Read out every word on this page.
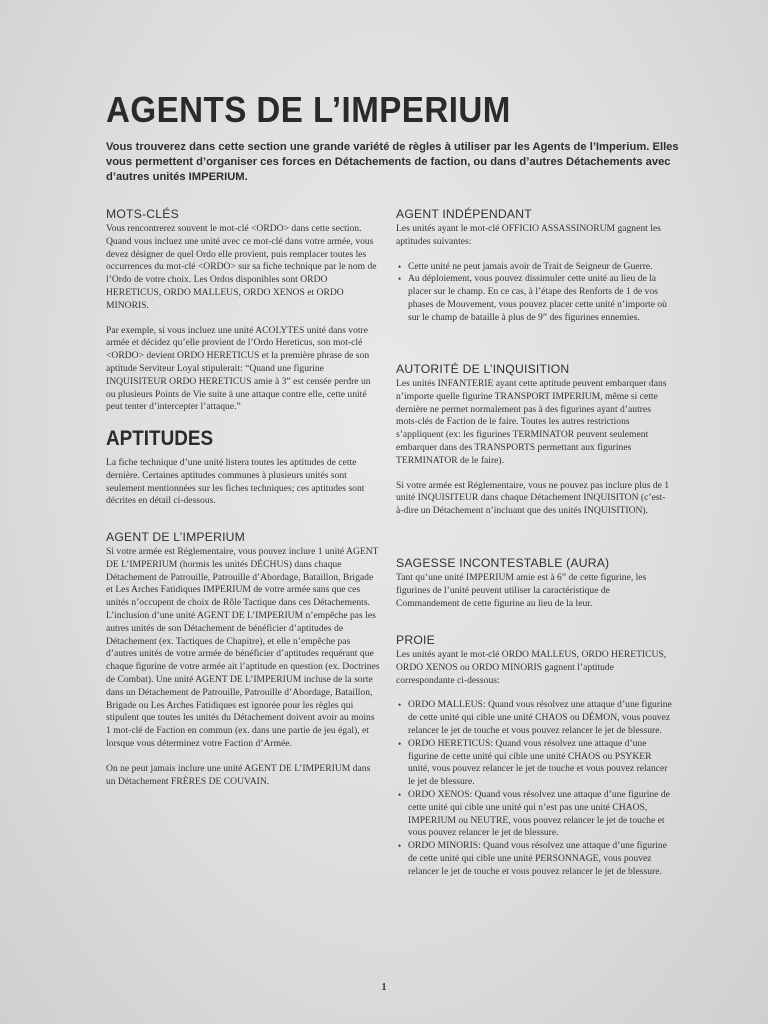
AGENTS DE L’IMPERIUM

Vous trouverez dans cette section une grande variété de règles à utiliser par les Agents de l’Imperium. Elles vous permettent d’organiser ces forces en Détachements de faction, ou dans d’autres Détachements avec d’autres unités IMPERIUM.

MOTS-CLÉS

Vous rencontrerez souvent le mot-clé <ORDO> dans cette section. Quand vous incluez une unité avec ce mot-clé dans votre armée, vous devez désigner de quel Ordo elle provient, puis remplacer toutes les occurrences du mot-clé <ORDO> sur sa fiche technique par le nom de l’Ordo de votre choix. Les Ordos disponibles sont ORDO HERETICUS, ORDO MALLEUS, ORDO XENOS et ORDO MINORIS.

Par exemple, si vous incluez une unité ACOLYTES unité dans votre armée et décidez qu’elle provient de l’Ordo Hereticus, son mot-clé <ORDO> devient ORDO HERETICUS et la première phrase de son aptitude Serviteur Loyal stipulerait: “Quand une figurine INQUISITEUR ORDO HERETICUS amie à 3” est censée perdre un ou plusieurs Points de Vie suite à une attaque contre elle, cette unité peut tenter d’intercepter l’attaque.”

APTITUDES

La fiche technique d’une unité listera toutes les aptitudes de cette dernière. Certaines aptitudes communes à plusieurs unités sont seulement mentionnées sur les fiches techniques; ces aptitudes sont décrites en détail ci-dessous.

AGENT DE L’IMPERIUM

Si votre armée est Réglementaire, vous pouvez inclure 1 unité AGENT DE L’IMPERIUM (hormis les unités DÉCHUS) dans chaque Détachement de Patrouille, Patrouille d’Abordage, Bataillon, Brigade et Les Arches Fatidiques IMPERIUM de votre armée sans que ces unités n’occupent de choix de Rôle Tactique dans ces Détachements. L’inclusion d’une unité AGENT DE L’IMPERIUM n’empêche pas les autres unités de son Détachement de bénéficier d’aptitudes de Détachement (ex. Tactiques de Chapitre), et elle n’empêche pas d’autres unités de votre armée de bénéficier d’aptitudes requérant que chaque figurine de votre armée ait l’aptitude en question (ex. Doctrines de Combat). Une unité AGENT DE L’IMPERIUM incluse de la sorte dans un Détachement de Patrouille, Patrouille d’Abordage, Bataillon, Brigade ou Les Arches Fatidiques est ignorée pour les règles qui stipulent que toutes les unités du Détachement doivent avoir au moins 1 mot-clé de Faction en commun (ex. dans une partie de jeu égal), et lorsque vous déterminez votre Faction d’Armée.

On ne peut jamais inclure une unité AGENT DE L’IMPERIUM dans un Détachement FRÈRES DE COUVAIN.

AGENT INDÉPENDANT

Les unités ayant le mot-clé OFFICIO ASSASSINORUM gagnent les aptitudes suivantes:

• Cette unité ne peut jamais avoir de Trait de Seigneur de Guerre.
• Au déploiement, vous pouvez dissimuler cette unité au lieu de la placer sur le champ. En ce cas, à l’étape des Renforts de 1 de vos phases de Mouvement, vous pouvez placer cette unité n’importe où sur le champ de bataille à plus de 9” des figurines ennemies.
AUTORITÉ DE L’INQUISITION

Les unités INFANTERIE ayant cette aptitude peuvent embarquer dans n’importe quelle figurine TRANSPORT IMPERIUM, même si cette dernière ne permet normalement pas à des figurines ayant d’autres mots-clés de Faction de le faire. Toutes les autres restrictions s’appliquent (ex: les figurines TERMINATOR peuvent seulement embarquer dans des TRANSPORTS permettant aux figurines TERMINATOR de le faire).

Si votre armée est Réglementaire, vous ne pouvez pas inclure plus de 1 unité INQUISITEUR dans chaque Détachement INQUISITON (c’est-à-dire un Détachement n’incluant que des unités INQUISITION).

SAGESSE INCONTESTABLE (AURA)

Tant qu’une unité IMPERIUM amie est à 6” de cette figurine, les figurines de l’unité peuvent utiliser la caractéristique de Commandement de cette figurine au lieu de la leur.

PROIE

Les unités ayant le mot-clé ORDO MALLEUS, ORDO HERETICUS, ORDO XENOS ou ORDO MINORIS gagnent l’aptitude correspondante ci-dessous:

• ORDO MALLEUS: Quand vous résolvez une attaque d’une figurine de cette unité qui cible une unité CHAOS ou DÉMON, vous pouvez relancer le jet de touche et vous pouvez relancer le jet de blessure.
• ORDO HERETICUS: Quand vous résolvez une attaque d’une figurine de cette unité qui cible une unité CHAOS ou PSYKER unité, vous pouvez relancer le jet de touche et vous pouvez relancer le jet de blessure.
• ORDO XENOS: Quand vous résolvez une attaque d’une figurine de cette unité qui cible une unité qui n’est pas une unité CHAOS, IMPERIUM ou NEUTRE, vous pouvez relancer le jet de touche et vous pouvez relancer le jet de blessure.
• ORDO MINORIS: Quand vous résolvez une attaque d’une figurine de cette unité qui cible une unité PERSONNAGE, vous pouvez relancer le jet de touche et vous pouvez relancer le jet de blessure.
1
